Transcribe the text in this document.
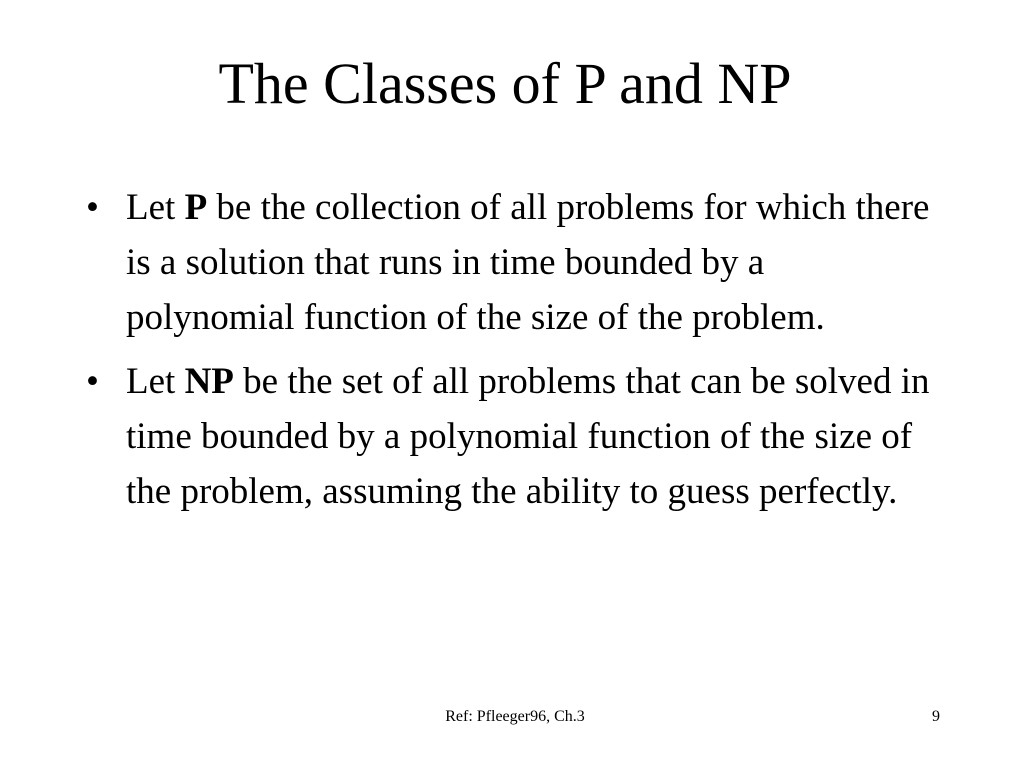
The Classes of P and NP
• Let P be the collection of all problems for which there is a solution that runs in time bounded by a polynomial function of the size of the problem.
• Let NP be the set of all problems that can be solved in time bounded by a polynomial function of the size of the problem, assuming the ability to guess perfectly.
Ref: Pfleeger96, Ch.3	9
